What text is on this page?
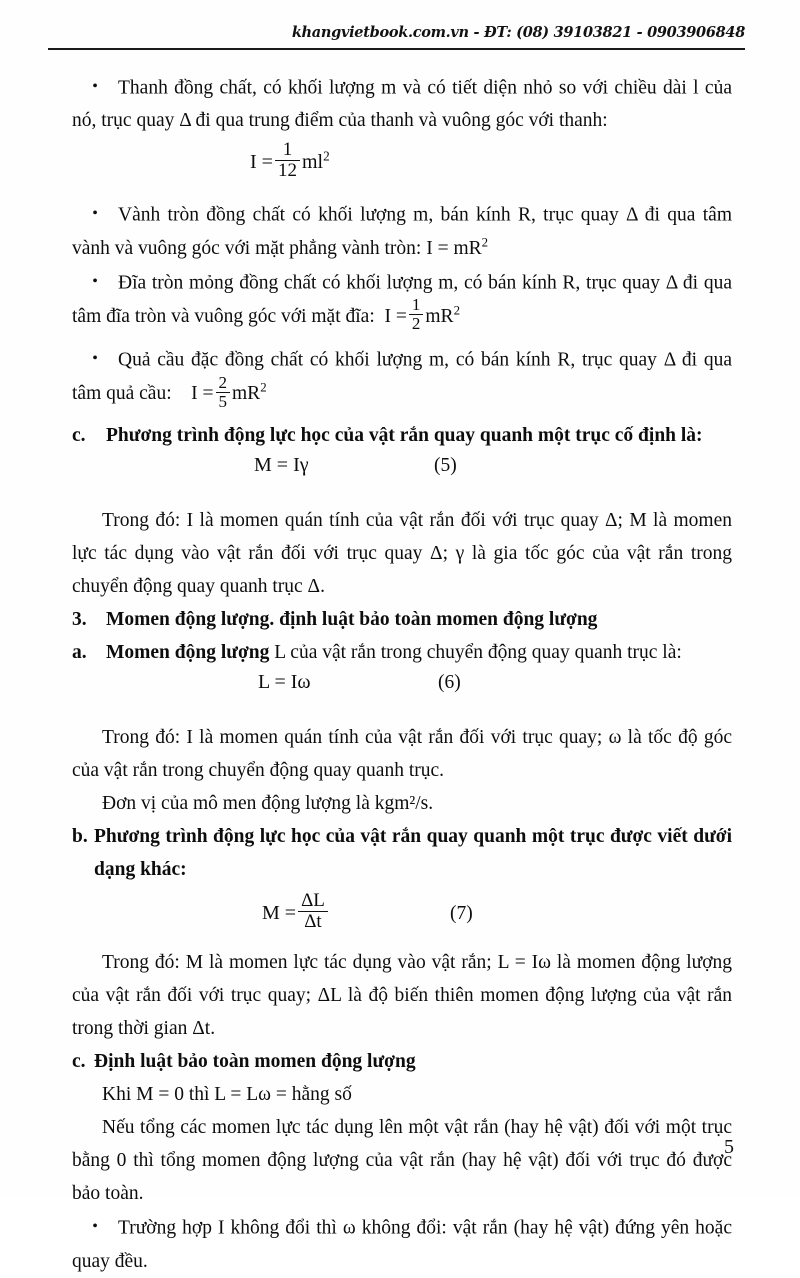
khangvietbook.com.vn - ĐT: (08) 39103821 - 0903906848

• Thanh đồng chất, có khối lượng m và có tiết diện nhỏ so với chiều dài l của nó, trục quay Δ đi qua trung điểm của thanh và vuông góc với thanh:

$I = \frac{1}{12} ml^2$

• Vành tròn đồng chất có khối lượng m, bán kính R, trục quay Δ đi qua tâm vành và vuông góc với mặt phẳng vành tròn: $I = mR^2$

• Đĩa tròn mỏng đồng chất có khối lượng m, có bán kính R, trục quay Δ đi qua tâm đĩa tròn và vuông góc với mặt đĩa: $I = \frac{1}{2} mR^2$

• Quả cầu đặc đồng chất có khối lượng m, có bán kính R, trục quay Δ đi qua tâm quả cầu: $I = \frac{2}{5} mR^2$

c. Phương trình động lực học của vật rắn quay quanh một trục cố định là:

M = Iγ	(5)

Trong đó: I là momen quán tính của vật rắn đối với trục quay Δ; M là momen lực tác dụng vào vật rắn đối với trục quay Δ; γ là gia tốc góc của vật rắn trong chuyển động quay quanh trục Δ.

3. Momen động lượng. định luật bảo toàn momen động lượng

a. Momen động lượng L của vật rắn trong chuyển động quay quanh trục là:

L = Iω	(6)

Trong đó: I là momen quán tính của vật rắn đối với trục quay; ω là tốc độ góc của vật rắn trong chuyển động quay quanh trục.

Đơn vị của mô men động lượng là kgm²/s.

b. Phương trình động lực học của vật rắn quay quanh một trục được viết dưới dạng khác:

$M = \frac{\Delta L}{\Delta t}$	(7)

Trong đó: M là momen lực tác dụng vào vật rắn; L = Iω là momen động lượng của vật rắn đối với trục quay; ΔL là độ biến thiên momen động lượng của vật rắn trong thời gian Δt.

c. Định luật bảo toàn momen động lượng

Khi M = 0 thì L = Lω = hằng số

Nếu tổng các momen lực tác dụng lên một vật rắn (hay hệ vật) đối với một trục bằng 0 thì tổng momen động lượng của vật rắn (hay hệ vật) đối với trục đó được bảo toàn.

• Trường hợp I không đổi thì ω không đổi: vật rắn (hay hệ vật) đứng yên hoặc quay đều.

5
